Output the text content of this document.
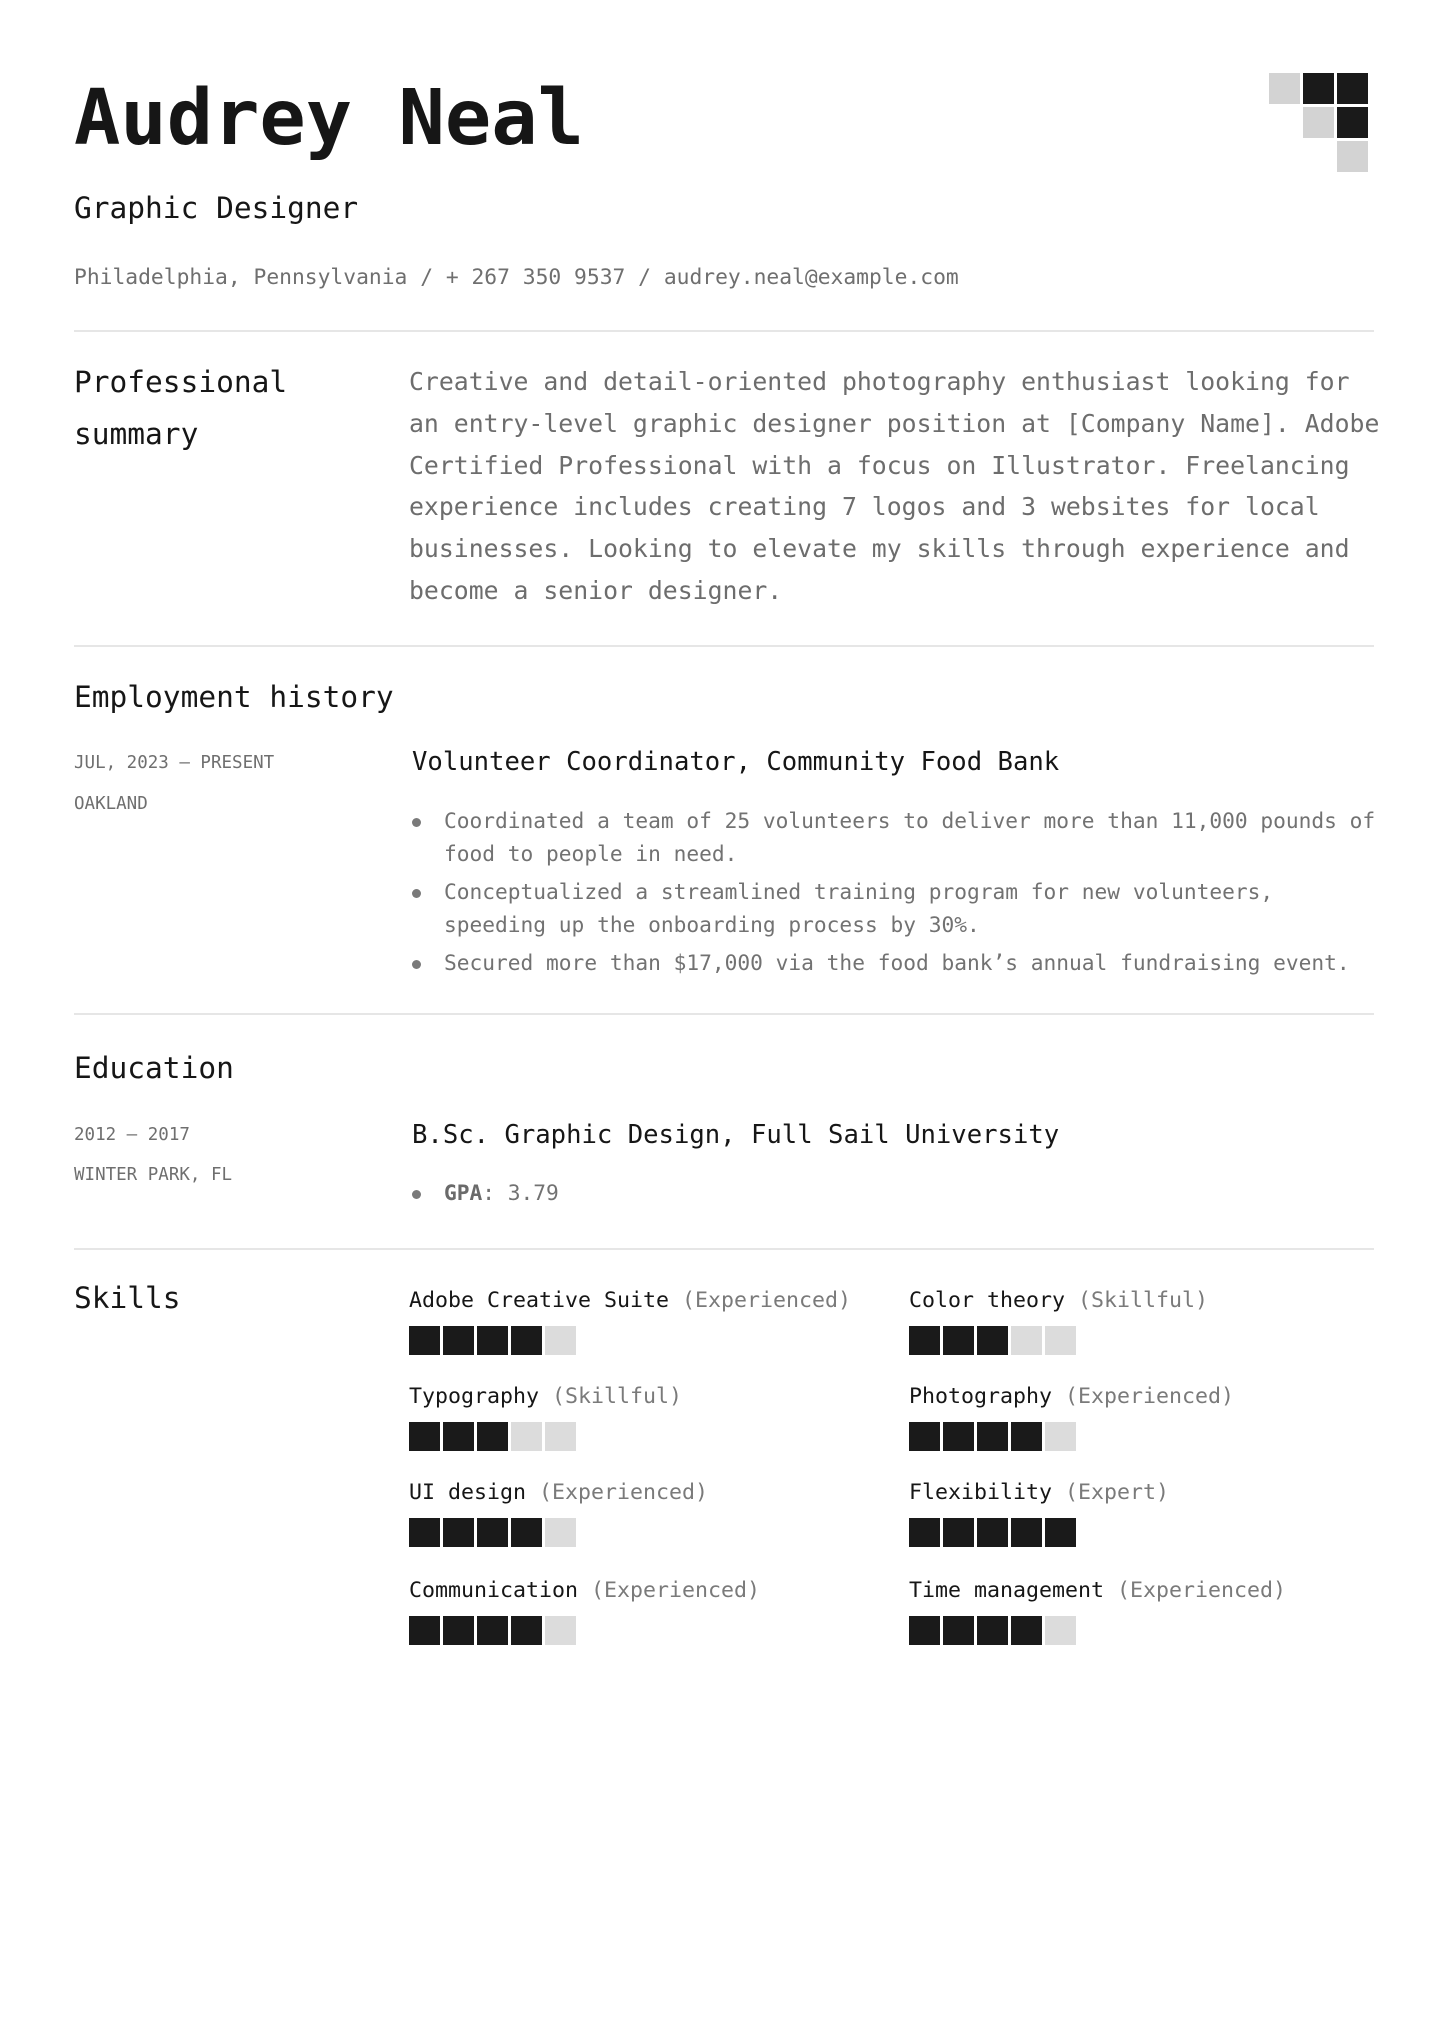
Audrey Neal
Graphic Designer
Philadelphia, Pennsylvania / + 267 350 9537 / audrey.neal@example.com
Professional
summary
Creative and detail-oriented photography enthusiast looking for an entry-level graphic designer position at [Company Name]. Adobe Certified Professional with a focus on Illustrator. Freelancing experience includes creating 7 logos and 3 websites for local businesses. Looking to elevate my skills through experience and become a senior designer.
Employment history
JUL, 2023 – PRESENT
OAKLAND
Volunteer Coordinator, Community Food Bank
Coordinated a team of 25 volunteers to deliver more than 11,000 pounds of food to people in need.
Conceptualized a streamlined training program for new volunteers, speeding up the onboarding process by 30%.
Secured more than $17,000 via the food bank’s annual fundraising event.
Education
2012 – 2017
WINTER PARK, FL
B.Sc. Graphic Design, Full Sail University
GPA: 3.79
Skills	Adobe Creative Suite (Experienced)	Color theory (Skillful)
Typography (Skillful)	Photography (Experienced)
UI design (Experienced)	Flexibility (Expert)
Communication (Experienced)	Time management (Experienced)
